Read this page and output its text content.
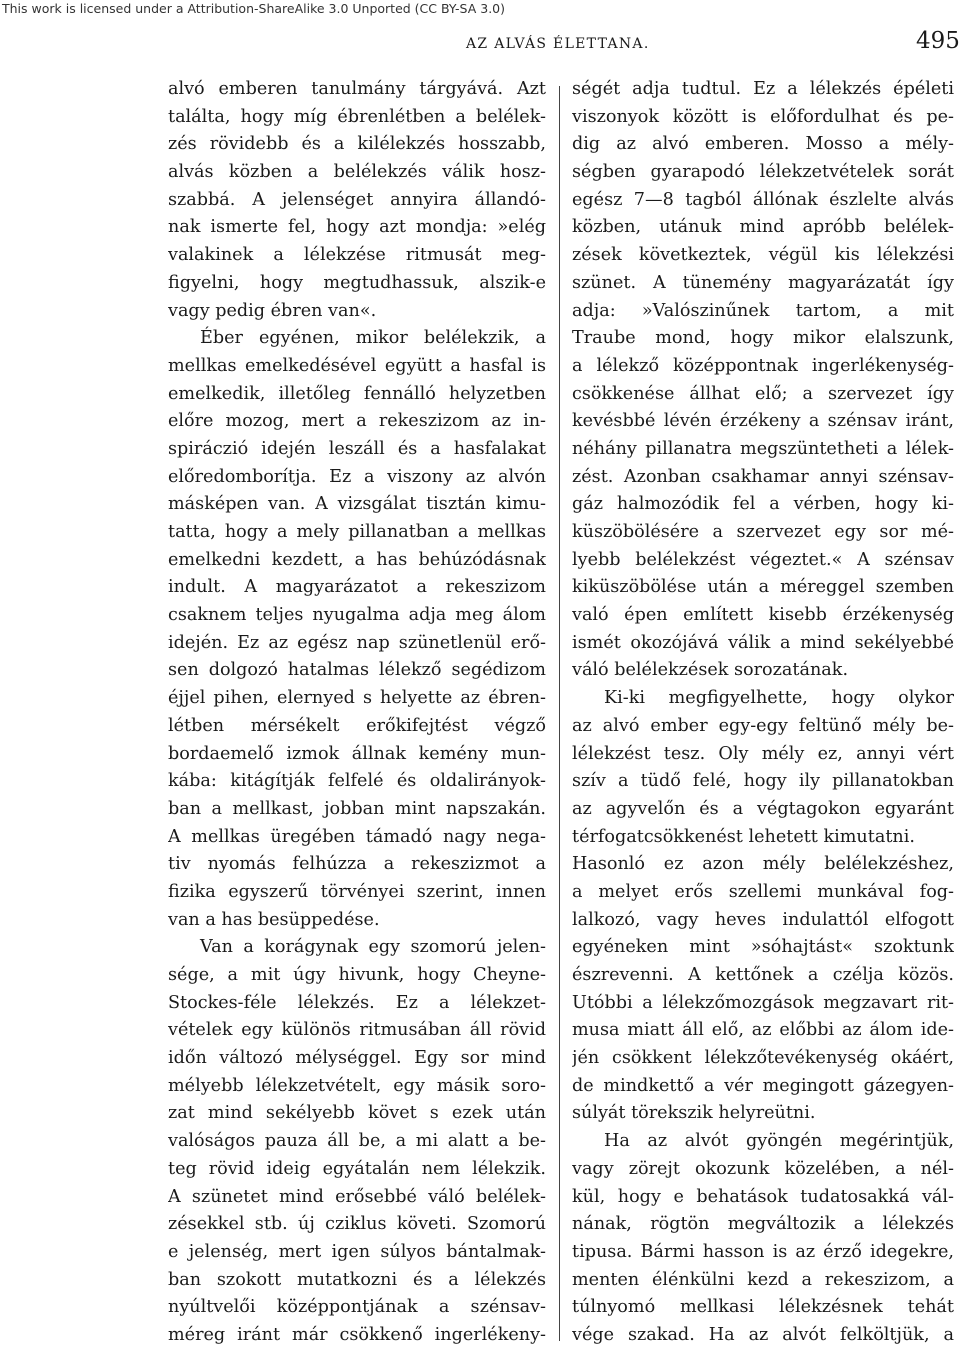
This work is licensed under a Attribution-ShareAlike 3.0 Unported (CC BY-SA 3.0)
AZ ALVÁS ÉLETTANA.	495
alvó emberen tanulmány tárgyává. Azt
találta, hogy míg ébrenlétben a belélek-
zés rövidebb és a kilélekzés hosszabb,
alvás közben a belélekzés válik hosz-
szabbá. A jelenséget annyira állandó-
nak ismerte fel, hogy azt mondja: »elég
valakinek a lélekzése ritmusát meg-
figyelni, hogy megtudhassuk, alszik-e
vagy pedig ébren van«.
Éber egyénen, mikor belélekzik, a
mellkas emelkedésével együtt a hasfal is
emelkedik, illetőleg fennálló helyzetben
előre mozog, mert a rekeszizom az in-
spiráczió idején leszáll és a hasfalakat
előredomborítja. Ez a viszony az alvón
másképen van. A vizsgálat tisztán kimu-
tatta, hogy a mely pillanatban a mellkas
emelkedni kezdett, a has behúzódásnak
indult. A magyarázatot a rekeszizom
csaknem teljes nyugalma adja meg álom
idején. Ez az egész nap szünetlenül erő-
sen dolgozó hatalmas lélekző segédizom
éjjel pihen, elernyed s helyette az ébren-
létben mérsékelt erőkifejtést végző
bordaemelő izmok állnak kemény mun-
kába: kitágítják felfelé és oldalirányok-
ban a mellkast, jobban mint napszakán.
A mellkas üregében támadó nagy nega-
tiv nyomás felhúzza a rekeszizmot a
fizika egyszerű törvényei szerint, innen
van a has besüppedése.
Van a korágynak egy szomorú jelen-
sége, a mit úgy hivunk, hogy Cheyne-
Stockes-féle lélekzés. Ez a lélekzet-
vételek egy különös ritmusában áll rövid
időn változó mélységgel. Egy sor mind
mélyebb lélekzetvételt, egy másik soro-
zat mind sekélyebb követ s ezek után
valóságos pauza áll be, a mi alatt a be-
teg rövid ideig egyátalán nem lélekzik.
A szünetet mind erősebbé váló belélek-
zésekkel stb. új cziklus követi. Szomorú
e jelenség, mert igen súlyos bántalmak-
ban szokott mutatkozni és a lélekzés
nyúltvelői középpontjának a szénsav-
méreg iránt már csökkenő ingerlékeny-
ségét adja tudtul. Ez a lélekzés épéleti
viszonyok között is előfordulhat és pe-
dig az alvó emberen. Mosso a mély-
ségben gyarapodó lélekzetvételek sorát
egész 7—8 tagból állónak észlelte alvás
közben, utánuk mind apróbb belélek-
zések következtek, végül kis lélekzési
szünet. A tünemény magyarázatát így
adja: »Valószinűnek tartom, a mit
Traube mond, hogy mikor elalszunk,
a lélekző középpontnak ingerlékenység-
csökkenése állhat elő; a szervezet így
kevésbbé lévén érzékeny a szénsav iránt,
néhány pillanatra megszüntetheti a lélek-
zést. Azonban csakhamar annyi szénsav-
gáz halmozódik fel a vérben, hogy ki-
küszöbölésére a szervezet egy sor mé-
lyebb belélekzést végeztet.« A szénsav
kiküszöbölése után a méreggel szemben
való épen említett kisebb érzékenység
ismét okozójává válik a mind sekélyebbé
váló belélekzések sorozatának.
Ki-ki megfigyelhette, hogy olykor
az alvó ember egy-egy feltünő mély be-
lélekzést tesz. Oly mély ez, annyi vért
szív a tüdő felé, hogy ily pillanatokban
az agyvelőn és a végtagokon egyaránt
térfogatcsökkenést lehetett kimutatni.
Hasonló ez azon mély belélekzéshez,
a melyet erős szellemi munkával fog-
lalkozó, vagy heves indulattól elfogott
egyéneken mint »sóhajtást« szoktunk
észrevenni. A kettőnek a czélja közös.
Utóbbi a lélekzőmozgások megzavart rit-
musa miatt áll elő, az előbbi az álom ide-
jén csökkent lélekzőtevékenység okáért,
de mindkettő a vér megingott gázegyen-
súlyát törekszik helyreütni.
Ha az alvót gyöngén megérintjük,
vagy zörejt okozunk közelében, a nél-
kül, hogy e behatások tudatosakká vál-
nának, rögtön megváltozik a lélekzés
tipusa. Bármi hasson is az érző idegekre,
menten élénkülni kezd a rekeszizom, a
túlnyomó mellkasi lélekzésnek tehát
vége szakad. Ha az alvót felköltjük, a
